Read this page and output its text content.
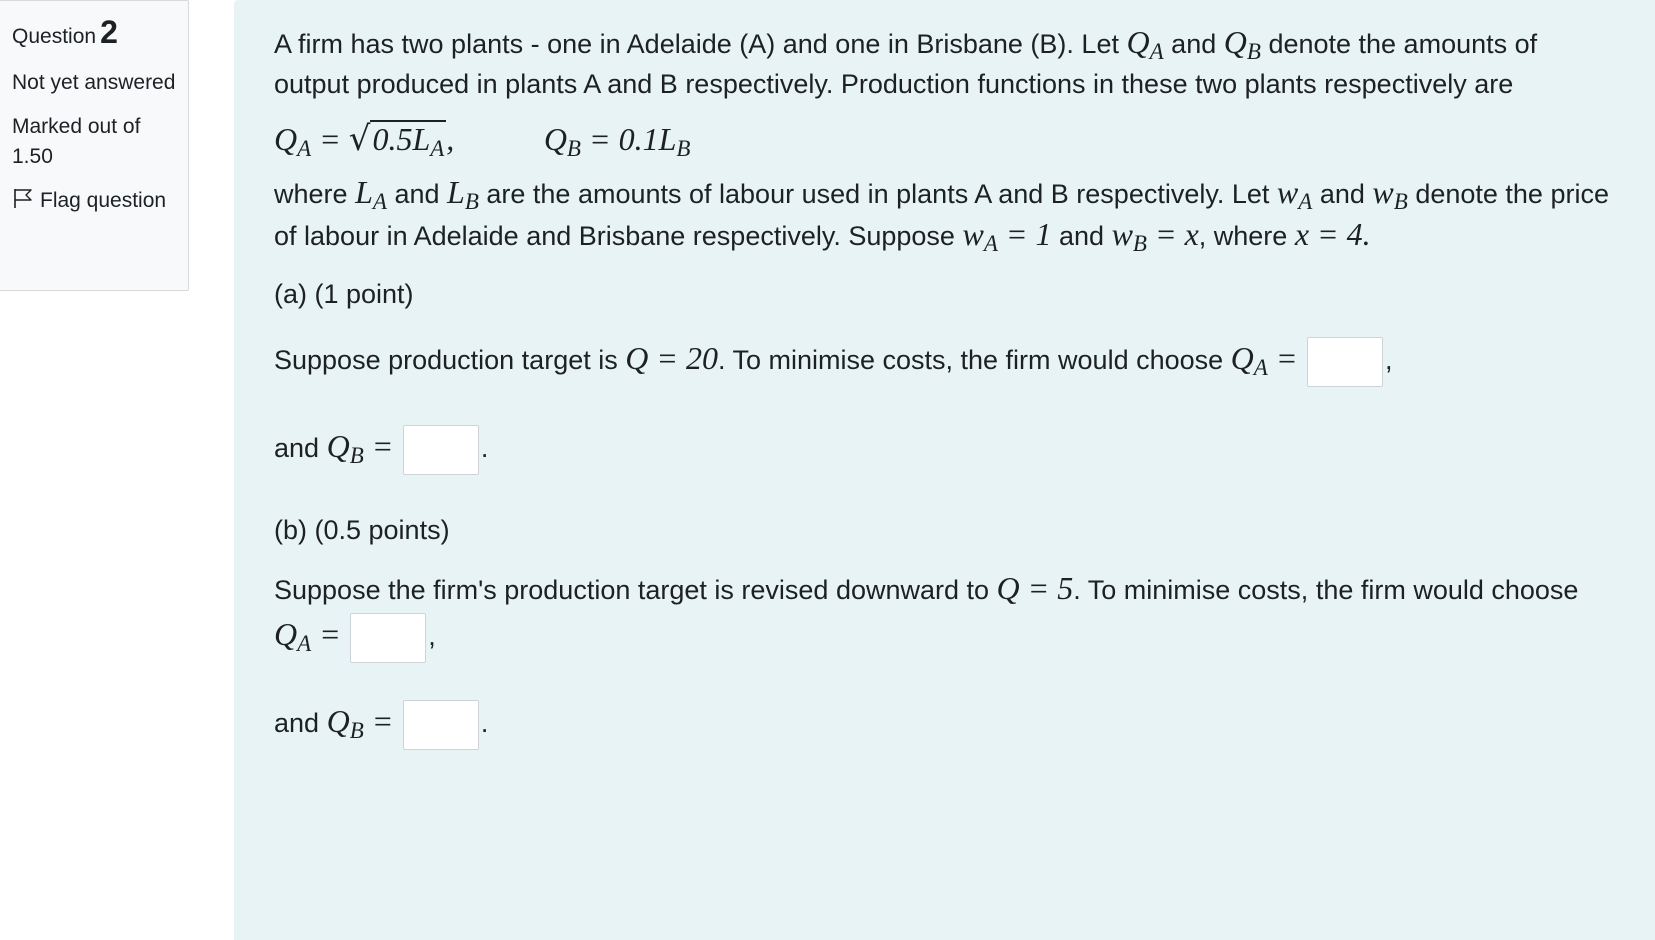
Question 2
Not yet answered
Marked out of 1.50
Flag question

A firm has two plants - one in Adelaide (A) and one in Brisbane (B). Let $Q_A$ and $Q_B$ denote the amounts of output produced in plants A and B respectively. Production functions in these two plants respectively are

$Q_A = √0.5L_A$,	$Q_B = 0.1L_B$

where $L_A$ and $L_B$ are the amounts of labour used in plants A and B respectively. Let $w_A$ and $w_B$ denote the price of labour in Adelaide and Brisbane respectively. Suppose $w_A = 1$ and $w_B = x$, where x = 4.

(a) (1 point)

Suppose production target is Q = 20. To minimise costs, the firm would choose $Q_A$ =	,

and $Q_B$ =	.

(b) (0.5 points)

Suppose the firm's production target is revised downward to Q = 5. To minimise costs, the firm would choose $Q_A$ =	,

and $Q_B$ =	.
